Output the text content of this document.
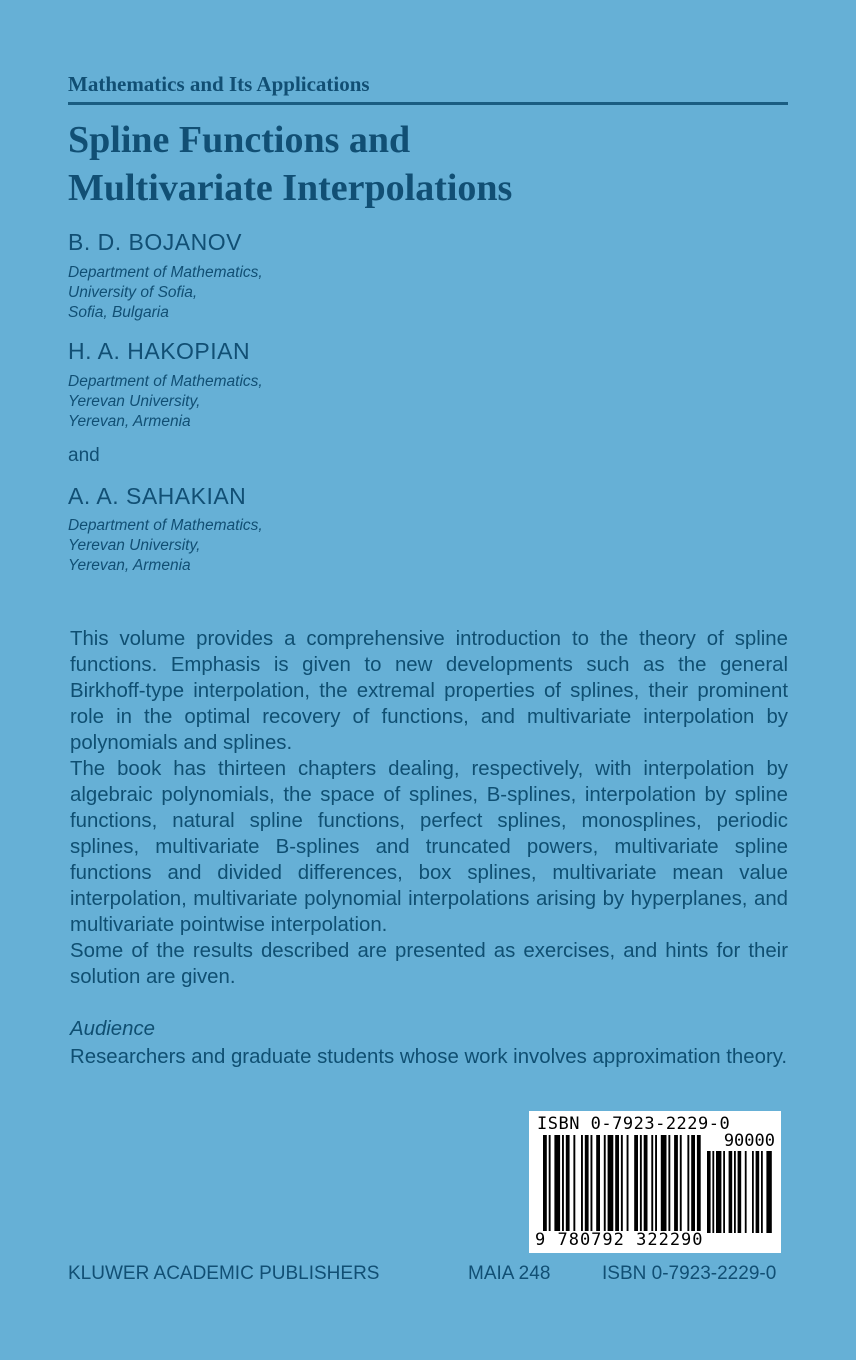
Mathematics and Its Applications
Spline Functions and
Multivariate Interpolations
B. D. BOJANOV
Department of Mathematics,
University of Sofia,
Sofia, Bulgaria
H. A. HAKOPIAN
Department of Mathematics,
Yerevan University,
Yerevan, Armenia
and
A. A. SAHAKIAN
Department of Mathematics,
Yerevan University,
Yerevan, Armenia

This volume provides a comprehensive introduction to the theory of spline functions. Emphasis is given to new developments such as the general Birkhoff-type interpolation, the extremal properties of splines, their prominent role in the optimal recovery of functions, and multivariate interpolation by polynomials and splines.

The book has thirteen chapters dealing, respectively, with interpolation by algebraic polynomials, the space of splines, B-splines, interpolation by spline functions, natural spline functions, perfect splines, monosplines, periodic splines, multivariate B-splines and truncated powers, multivariate spline functions and divided differences, box splines, multivariate mean value interpolation, multivariate polynomial interpolations arising by hyperplanes, and multivariate pointwise interpolation.

Some of the results described are presented as exercises, and hints for their solution are given.

Audience
Researchers and graduate students whose work involves approximation theory.
ISBN 0-7923-2229-0
90000
9 780792 322290
KLUWER ACADEMIC PUBLISHERS	MAIA 248	ISBN 0-7923-2229-0
